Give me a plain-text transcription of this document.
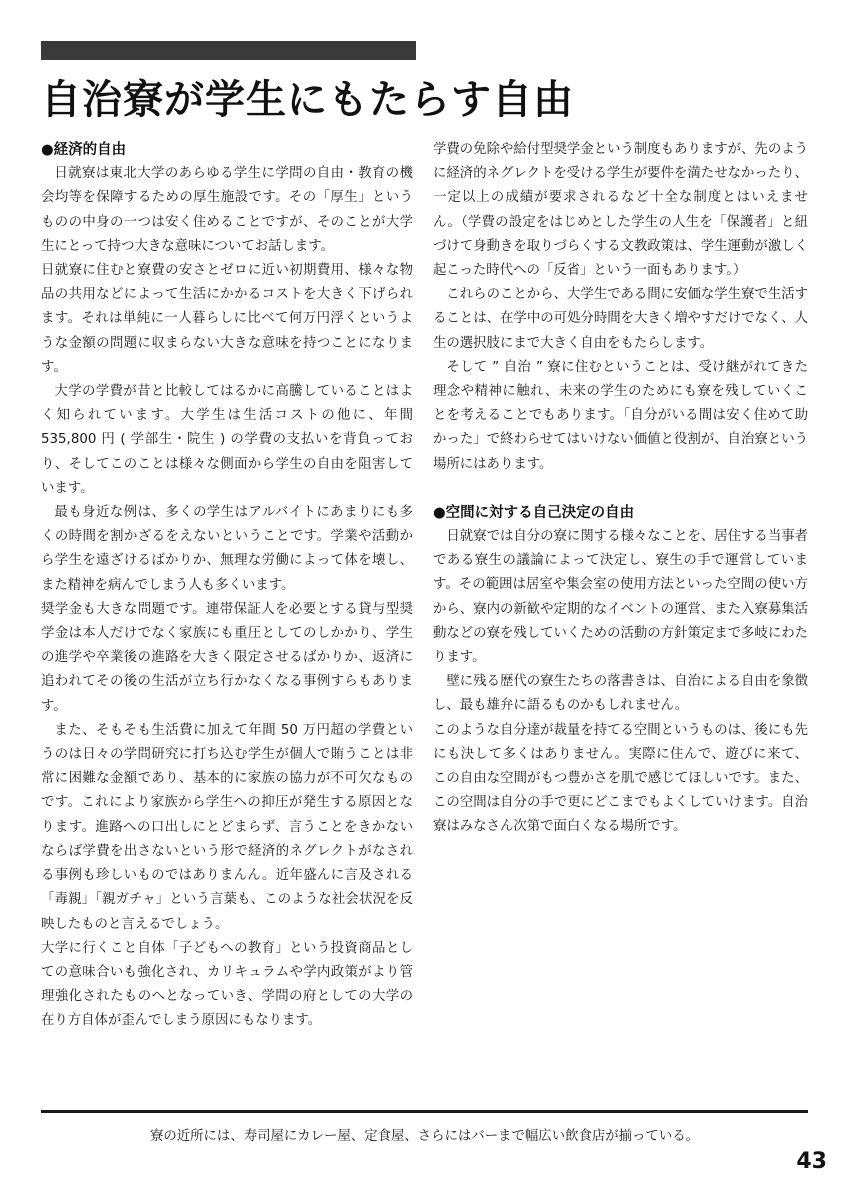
自治寮が学生にもたらす自由
●経済的自由

日就寮は東北大学のあらゆる学生に学問の自由・教育の機会均等を保障するための厚生施設です。その「厚生」というものの中身の一つは安く住めることですが、そのことが大学生にとって持つ大きな意味についてお話します。

日就寮に住むと寮費の安さとゼロに近い初期費用、様々な物品の共用などによって生活にかかるコストを大きく下げられます。それは単純に一人暮らしに比べて何万円浮くというような金額の問題に収まらない大きな意味を持つことになります。

大学の学費が昔と比較してはるかに高騰していることはよく知られています。大学生は生活コストの他に、年間535,800 円 ( 学部生・院生 ) の学費の支払いを背負っており、そしてこのことは様々な側面から学生の自由を阻害しています。

最も身近な例は、多くの学生はアルバイトにあまりにも多くの時間を割かざるをえないということです。学業や活動から学生を遠ざけるばかりか、無理な労働によって体を壊し、また精神を病んでしまう人も多くいます。

奨学金も大きな問題です。連帯保証人を必要とする貸与型奨学金は本人だけでなく家族にも重圧としてのしかかり、学生の進学や卒業後の進路を大きく限定させるばかりか、返済に追われてその後の生活が立ち行かなくなる事例すらもあります。

また、そもそも生活費に加えて年間 50 万円超の学費というのは日々の学問研究に打ち込む学生が個人で賄うことは非常に困難な金額であり、基本的に家族の協力が不可欠なものです。これにより家族から学生への抑圧が発生する原因となります。進路への口出しにとどまらず、言うことをきかないならば学費を出さないという形で経済的ネグレクトがなされる事例も珍しいものではありまんん。近年盛んに言及される「毒親」「親ガチャ」という言葉も、このような社会状況を反映したものと言えるでしょう。

大学に行くこと自体「子どもへの教育」という投資商品としての意味合いも強化され、カリキュラムや学内政策がより管理強化されたものへとなっていき、学問の府としての大学の在り方自体が歪んでしまう原因にもなります。

学費の免除や給付型奨学金という制度もありますが、先のように経済的ネグレクトを受ける学生が要件を満たせなかったり、一定以上の成績が要求されるなど十全な制度とはいえません。（学費の設定をはじめとした学生の人生を「保護者」と紐づけて身動きを取りづらくする文教政策は、学生運動が激しく起こった時代への「反省」という一面もあります。）

これらのことから、大学生である間に安価な学生寮で生活することは、在学中の可処分時間を大きく増やすだけでなく、人生の選択肢にまで大きく自由をもたらします。

そして ” 自治 ” 寮に住むということは、受け継がれてきた理念や精神に触れ、未来の学生のためにも寮を残していくことを考えることでもあります。「自分がいる間は安く住めて助かった」で終わらせてはいけない価値と役割が、自治寮という場所にはあります。

●空間に対する自己決定の自由

日就寮では自分の寮に関する様々なことを、居住する当事者である寮生の議論によって決定し、寮生の手で運営しています。その範囲は居室や集会室の使用方法といった空間の使い方から、寮内の新歓や定期的なイベントの運営、また入寮募集活動などの寮を残していくための活動の方針策定まで多岐にわたります。

壁に残る歴代の寮生たちの落書きは、自治による自由を象徴し、最も雄弁に語るものかもしれません。

このような自分達が裁量を持てる空間というものは、後にも先にも決して多くはありません。実際に住んで、遊びに来て、この自由な空間がもつ豊かさを肌で感じてほしいです。また、この空間は自分の手で更にどこまでもよくしていけます。自治寮はみなさん次第で面白くなる場所です。

寮の近所には、寿司屋にカレー屋、定食屋、さらにはバーまで幅広い飲食店が揃っている。
43
